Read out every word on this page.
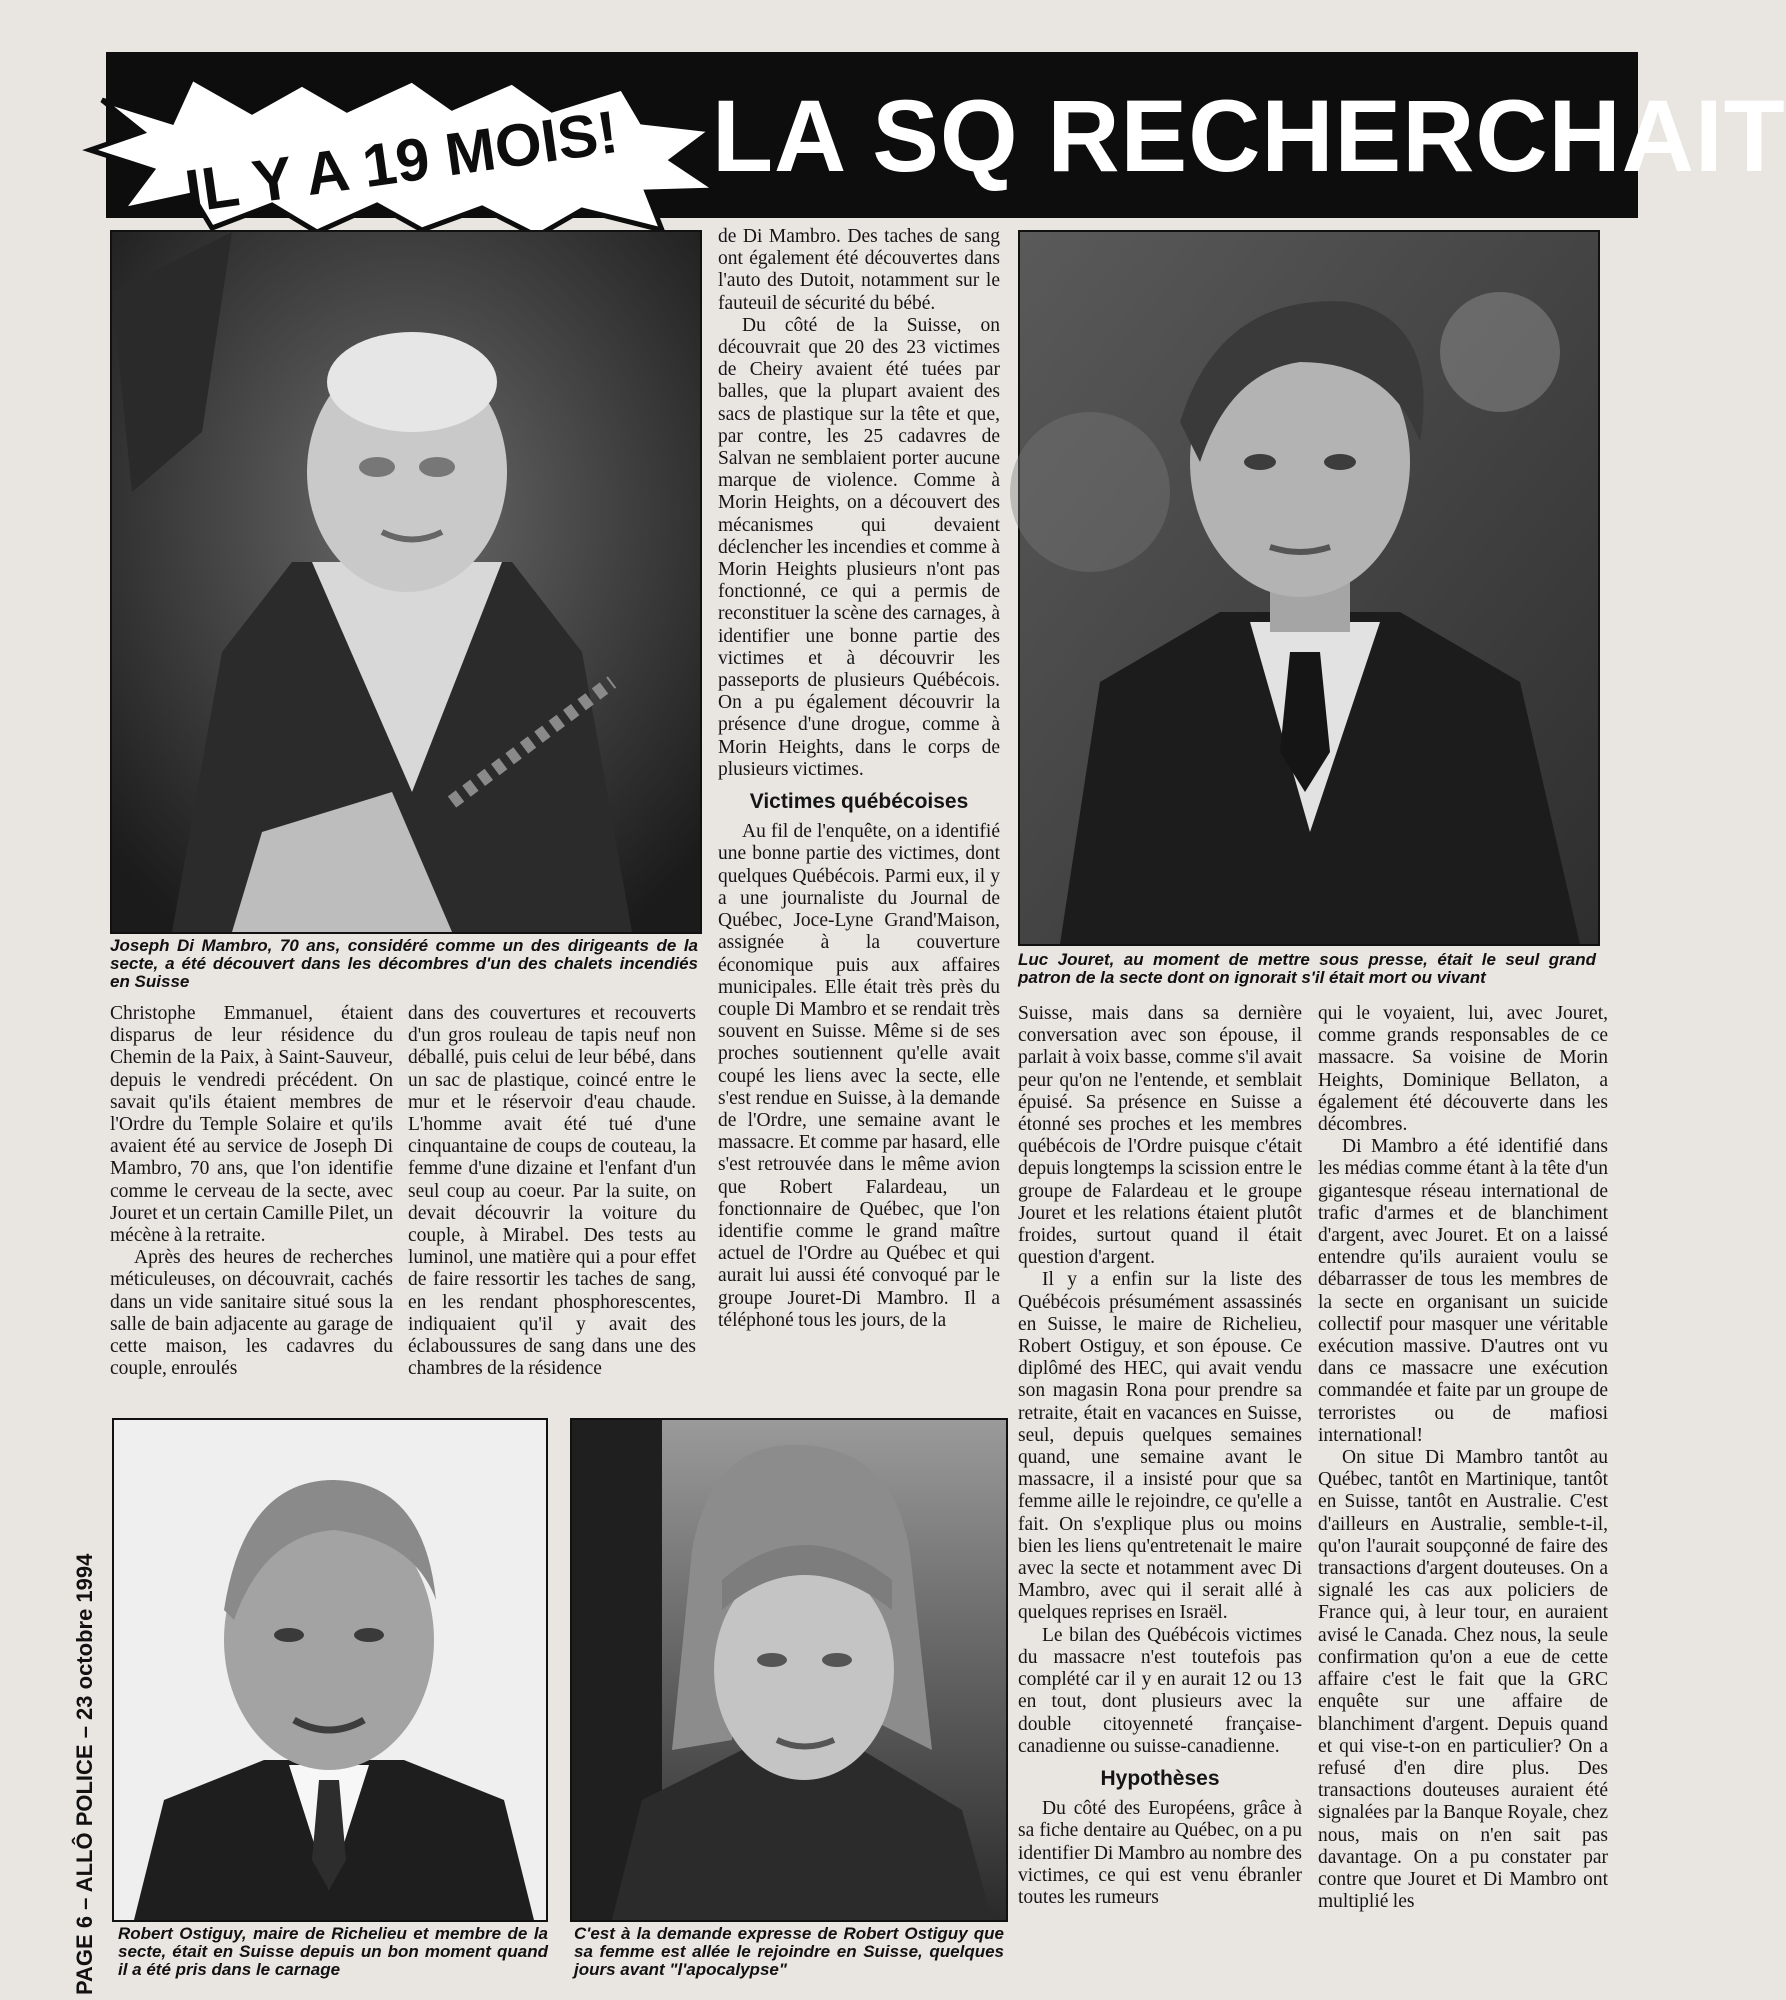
LA SQ RECHERCHAIT
IL Y A 19 MOIS!
Joseph Di Mambro, 70 ans, considéré comme un des dirigeants de la secte, a été découvert dans les décombres d'un des chalets incendiés en Suisse
Luc Jouret, au moment de mettre sous presse, était le seul grand patron de la secte dont on ignorait s'il était mort ou vivant

de Di Mambro. Des taches de sang ont également été découvertes dans l'auto des Dutoit, notamment sur le fauteuil de sécurité du bébé.

Du côté de la Suisse, on découvrait que 20 des 23 victimes de Cheiry avaient été tuées par balles, que la plupart avaient des sacs de plastique sur la tête et que, par contre, les 25 cadavres de Salvan ne semblaient porter aucune marque de violence. Comme à Morin Heights, on a découvert des mécanismes qui devaient déclencher les incendies et comme à Morin Heights plusieurs n'ont pas fonctionné, ce qui a permis de reconstituer la scène des carnages, à identifier une bonne partie des victimes et à découvrir les passeports de plusieurs Québécois. On a pu également découvrir la présence d'une drogue, comme à Morin Heights, dans le corps de plusieurs victimes.

Victimes québécoises

Au fil de l'enquête, on a identifié une bonne partie des victimes, dont quelques Québécois. Parmi eux, il y a une journaliste du Journal de Québec, Joce-Lyne Grand'Maison, assignée à la couverture économique puis aux affaires municipales. Elle était très près du couple Di Mambro et se rendait très souvent en Suisse. Même si de ses proches soutiennent qu'elle avait coupé les liens avec la secte, elle s'est rendue en Suisse, à la demande de l'Ordre, une semaine avant le massacre. Et comme par hasard, elle s'est retrouvée dans le même avion que Robert Falardeau, un fonctionnaire de Québec, que l'on identifie comme le grand maître actuel de l'Ordre au Québec et qui aurait lui aussi été convoqué par le groupe Jouret-Di Mambro. Il a téléphoné tous les jours, de la

Christophe Emmanuel, étaient disparus de leur résidence du Chemin de la Paix, à Saint-Sauveur, depuis le vendredi précédent. On savait qu'ils étaient membres de l'Ordre du Temple Solaire et qu'ils avaient été au service de Joseph Di Mambro, 70 ans, que l'on identifie comme le cerveau de la secte, avec Jouret et un certain Camille Pilet, un mécène à la retraite.

Après des heures de recherches méticuleuses, on découvrait, cachés dans un vide sanitaire situé sous la salle de bain adjacente au garage de cette maison, les cadavres du couple, enroulés

dans des couvertures et recouverts d'un gros rouleau de tapis neuf non déballé, puis celui de leur bébé, dans un sac de plastique, coincé entre le mur et le réservoir d'eau chaude. L'homme avait été tué d'une cinquantaine de coups de couteau, la femme d'une dizaine et l'enfant d'un seul coup au coeur. Par la suite, on devait découvrir la voiture du couple, à Mirabel. Des tests au luminol, une matière qui a pour effet de faire ressortir les taches de sang, en les rendant phosphorescentes, indiquaient qu'il y avait des éclaboussures de sang dans une des chambres de la résidence

Suisse, mais dans sa dernière conversation avec son épouse, il parlait à voix basse, comme s'il avait peur qu'on ne l'entende, et semblait épuisé. Sa présence en Suisse a étonné ses proches et les membres québécois de l'Ordre puisque c'était depuis longtemps la scission entre le groupe de Falardeau et le groupe Jouret et les relations étaient plutôt froides, surtout quand il était question d'argent.

Il y a enfin sur la liste des Québécois présumément assassinés en Suisse, le maire de Richelieu, Robert Ostiguy, et son épouse. Ce diplômé des HEC, qui avait vendu son magasin Rona pour prendre sa retraite, était en vacances en Suisse, seul, depuis quelques semaines quand, une semaine avant le massacre, il a insisté pour que sa femme aille le rejoindre, ce qu'elle a fait. On s'explique plus ou moins bien les liens qu'entretenait le maire avec la secte et notamment avec Di Mambro, avec qui il serait allé à quelques reprises en Israël.

Le bilan des Québécois victimes du massacre n'est toutefois pas complété car il y en aurait 12 ou 13 en tout, dont plusieurs avec la double citoyenneté française-canadienne ou suisse-canadienne.

Hypothèses

Du côté des Européens, grâce à sa fiche dentaire au Québec, on a pu identifier Di Mambro au nombre des victimes, ce qui est venu ébranler toutes les rumeurs

qui le voyaient, lui, avec Jouret, comme grands responsables de ce massacre. Sa voisine de Morin Heights, Dominique Bellaton, a également été découverte dans les décombres.

Di Mambro a été identifié dans les médias comme étant à la tête d'un gigantesque réseau international de trafic d'armes et de blanchiment d'argent, avec Jouret. Et on a laissé entendre qu'ils auraient voulu se débarrasser de tous les membres de la secte en organisant un suicide collectif pour masquer une véritable exécution massive. D'autres ont vu dans ce massacre une exécution commandée et faite par un groupe de terroristes ou de mafiosi international!

On situe Di Mambro tantôt au Québec, tantôt en Martinique, tantôt en Suisse, tantôt en Australie. C'est d'ailleurs en Australie, semble-t-il, qu'on l'aurait soupçonné de faire des transactions d'argent douteuses. On a signalé les cas aux policiers de France qui, à leur tour, en auraient avisé le Canada. Chez nous, la seule confirmation qu'on a eue de cette affaire c'est le fait que la GRC enquête sur une affaire de blanchiment d'argent. Depuis quand et qui vise-t-on en particulier? On a refusé d'en dire plus. Des transactions douteuses auraient été signalées par la Banque Royale, chez nous, mais on n'en sait pas davantage. On a pu constater par contre que Jouret et Di Mambro ont multiplié les

Robert Ostiguy, maire de Richelieu et membre de la secte, était en Suisse depuis un bon moment quand il a été pris dans le carnage
C'est à la demande expresse de Robert Ostiguy que sa femme est allée le rejoindre en Suisse, quelques jours avant "l'apocalypse"
PAGE 6 – ALLÔ POLICE – 23 octobre 1994
